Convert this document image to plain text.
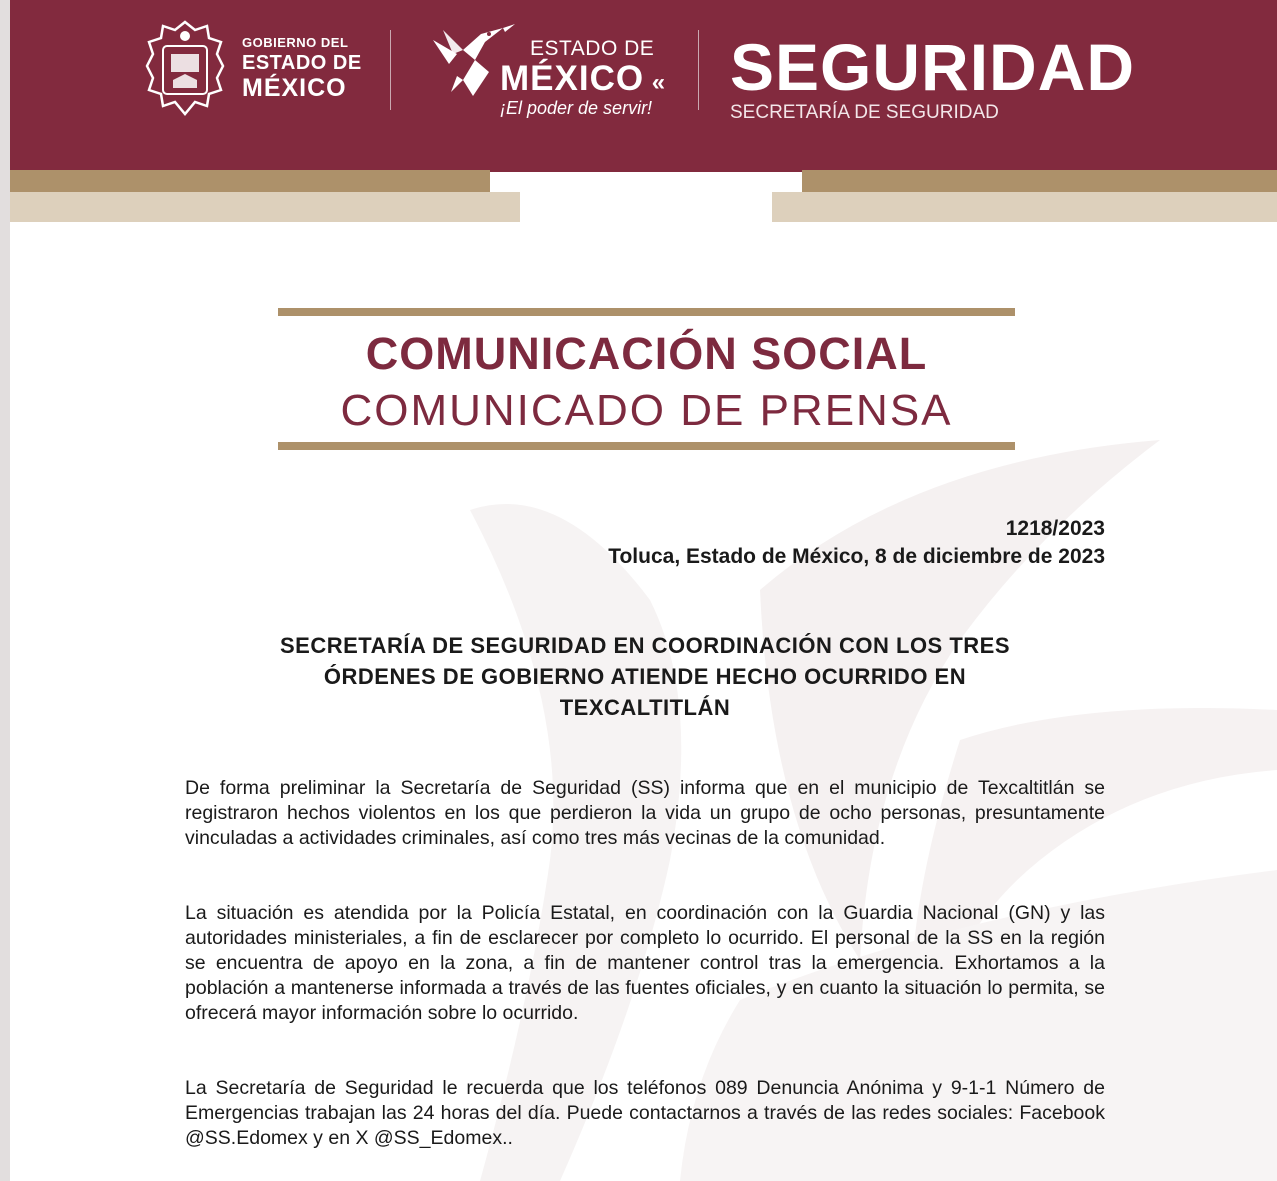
GOBIERNO DEL
ESTADO DE
MÉXICO
ESTADO DE
MÉXICO «
¡El poder de servir!
SEGURIDAD
SECRETARÍA DE SEGURIDAD
COMUNICACIÓN SOCIAL
COMUNICADO DE PRENSA
1218/2023
Toluca, Estado de México, 8 de diciembre de 2023
SECRETARÍA DE SEGURIDAD EN COORDINACIÓN CON LOS TRES
ÓRDENES DE GOBIERNO ATIENDE HECHO OCURRIDO EN
TEXCALTITLÁN

De forma preliminar la Secretaría de Seguridad (SS) informa que en el municipio de Texcaltitlán se registraron hechos violentos en los que perdieron la vida un grupo de ocho personas, presuntamente vinculadas a actividades criminales, así como tres más vecinas de la comunidad.

La situación es atendida por la Policía Estatal, en coordinación con la Guardia Nacional (GN) y las autoridades ministeriales, a fin de esclarecer por completo lo ocurrido. El personal de la SS en la región se encuentra de apoyo en la zona, a fin de mantener control tras la emergencia. Exhortamos a la población a mantenerse informada a través de las fuentes oficiales, y en cuanto la situación lo permita, se ofrecerá mayor información sobre lo ocurrido.

La Secretaría de Seguridad le recuerda que los teléfonos 089 Denuncia Anónima y 9-1-1 Número de Emergencias trabajan las 24 horas del día. Puede contactarnos a través de las redes sociales: Facebook @SS.Edomex y en X @SS_Edomex..
